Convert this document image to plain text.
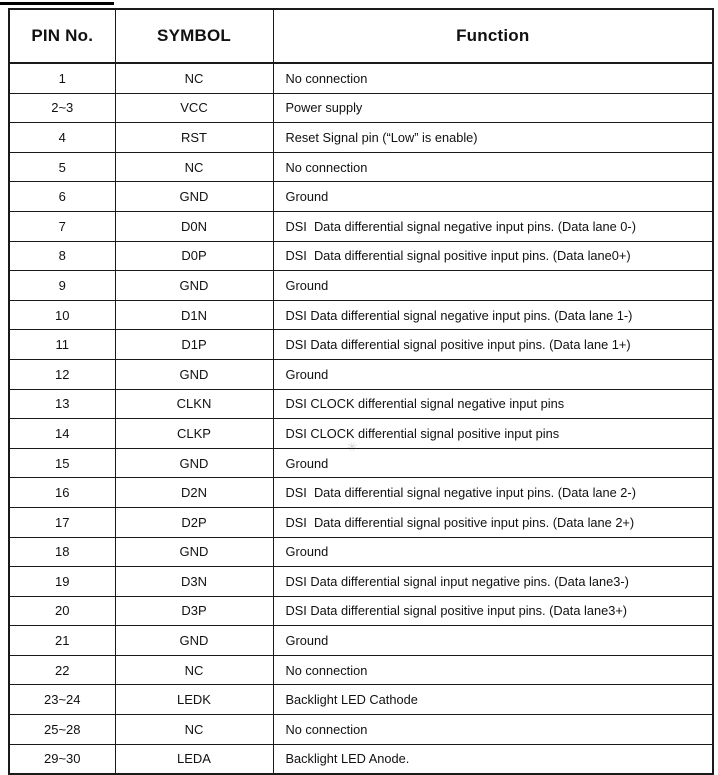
✳
PIN No.	SYMBOL	Function
1	NC	No connection
2~3	VCC	Power supply
4	RST	Reset Signal pin (“Low” is enable)
5	NC	No connection
6	GND	Ground
7	D0N	DSI  Data differential signal negative input pins. (Data lane 0-)
8	D0P	DSI  Data differential signal positive input pins. (Data lane0+)
9	GND	Ground
10	D1N	DSI Data differential signal negative input pins. (Data lane 1-)
11	D1P	DSI Data differential signal positive input pins. (Data lane 1+)
12	GND	Ground
13	CLKN	DSI CLOCK differential signal negative input pins
14	CLKP	DSI CLOCK differential signal positive input pins
15	GND	Ground
16	D2N	DSI  Data differential signal negative input pins. (Data lane 2-)
17	D2P	DSI  Data differential signal positive input pins. (Data lane 2+)
18	GND	Ground
19	D3N	DSI Data differential signal input negative pins. (Data lane3-)
20	D3P	DSI Data differential signal positive input pins. (Data lane3+)
21	GND	Ground
22	NC	No connection
23~24	LEDK	Backlight LED Cathode
25~28	NC	No connection
29~30	LEDA	Backlight LED Anode.
